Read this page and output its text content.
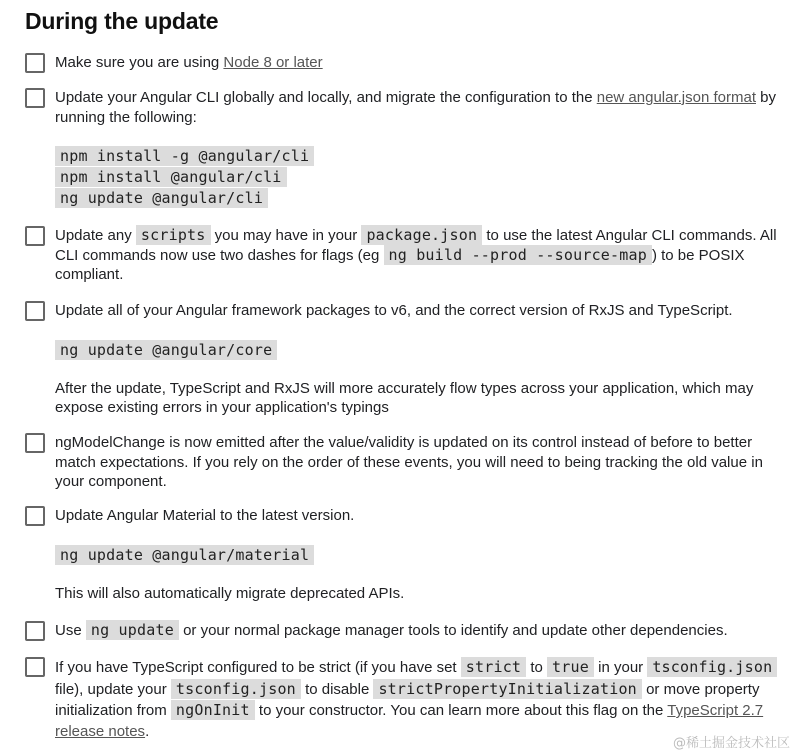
During the update

Make sure you are using Node 8 or later

Update your Angular CLI globally and locally, and migrate the configuration to the new angular.json format by running the following:

npm install -g @angular/cli
npm install @angular/cli
ng update @angular/cli

Update any scripts you may have in your package.json to use the latest Angular CLI commands. All CLI commands now use two dashes for flags (eg ng build --prod --source-map ) to be POSIX compliant.

Update all of your Angular framework packages to v6, and the correct version of RxJS and TypeScript.

ng update @angular/core

After the update, TypeScript and RxJS will more accurately flow types across your application, which may expose existing errors in your application's typings

ngModelChange is now emitted after the value/validity is updated on its control instead of before to better match expectations. If you rely on the order of these events, you will need to being tracking the old value in your component.

Update Angular Material to the latest version.

ng update @angular/material

This will also automatically migrate deprecated APIs.

Use ng update or your normal package manager tools to identify and update other dependencies.

If you have TypeScript configured to be strict (if you have set strict to true in your tsconfig.json file), update your tsconfig.json to disable strictPropertyInitialization or move property initialization from ngOnInit to your constructor. You can learn more about this flag on the TypeScript 2.7 release notes.

@稀土掘金技术社区
